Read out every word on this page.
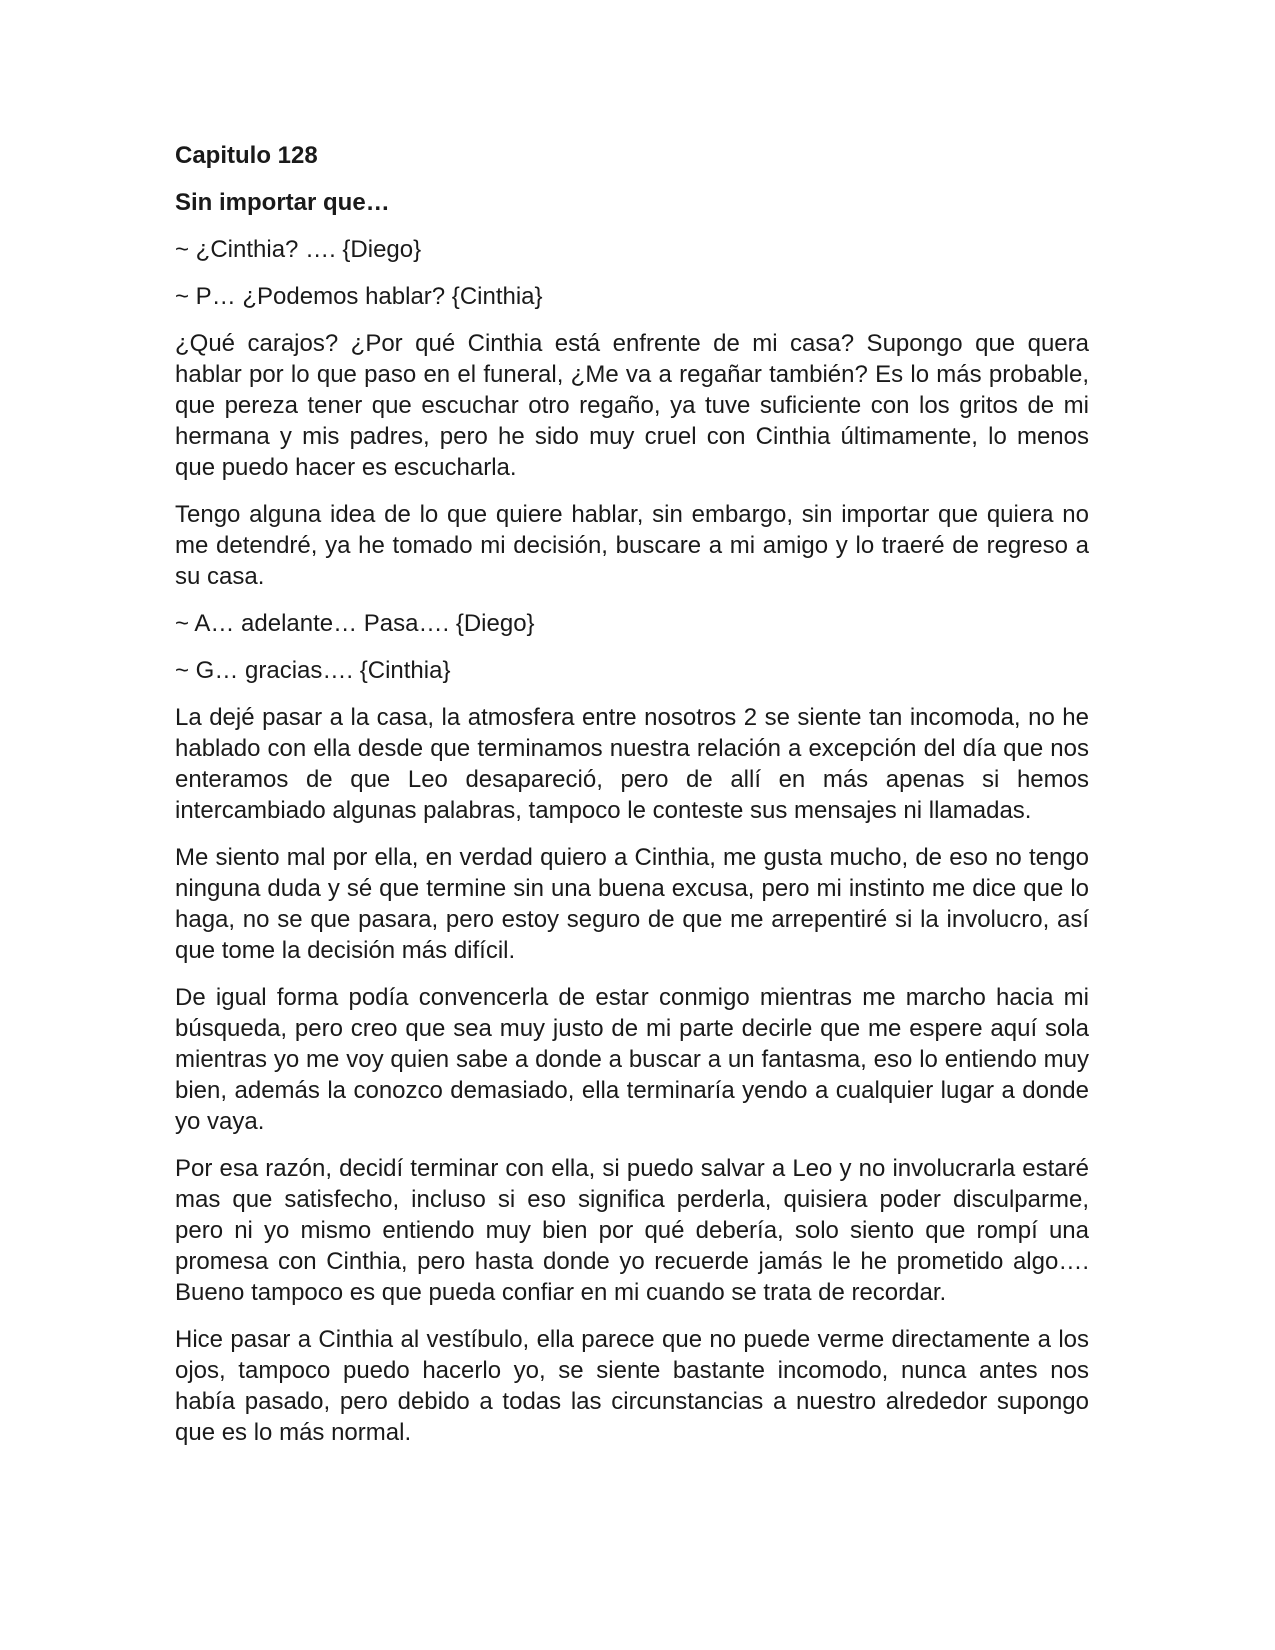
Capitulo 128
Sin importar que…
~ ¿Cinthia? …. {Diego}
~ P… ¿Podemos hablar? {Cinthia}
¿Qué carajos? ¿Por qué Cinthia está enfrente de mi casa? Supongo que quera hablar por lo que paso en el funeral, ¿Me va a regañar también? Es lo más probable, que pereza tener que escuchar otro regaño, ya tuve suficiente con los gritos de mi hermana y mis padres, pero he sido muy cruel con Cinthia últimamente, lo menos que puedo hacer es escucharla.
Tengo alguna idea de lo que quiere hablar, sin embargo, sin importar que quiera no me detendré, ya he tomado mi decisión, buscare a mi amigo y lo traeré de regreso a su casa.
~ A… adelante… Pasa…. {Diego}
~ G… gracias…. {Cinthia}
La dejé pasar a la casa, la atmosfera entre nosotros 2 se siente tan incomoda, no he hablado con ella desde que terminamos nuestra relación a excepción del día que nos enteramos de que Leo desapareció, pero de allí en más apenas si hemos intercambiado algunas palabras, tampoco le conteste sus mensajes ni llamadas.
Me siento mal por ella, en verdad quiero a Cinthia, me gusta mucho, de eso no tengo ninguna duda y sé que termine sin una buena excusa, pero mi instinto me dice que lo haga, no se que pasara, pero estoy seguro de que me arrepentiré si la involucro, así que tome la decisión más difícil.
De igual forma podía convencerla de estar conmigo mientras me marcho hacia mi búsqueda, pero creo que sea muy justo de mi parte decirle que me espere aquí sola mientras yo me voy quien sabe a donde a buscar a un fantasma, eso lo entiendo muy bien, además la conozco demasiado, ella terminaría yendo a cualquier lugar a donde yo vaya.
Por esa razón, decidí terminar con ella, si puedo salvar a Leo y no involucrarla estaré mas que satisfecho, incluso si eso significa perderla, quisiera poder disculparme, pero ni yo mismo entiendo muy bien por qué debería, solo siento que rompí una promesa con Cinthia, pero hasta donde yo recuerde jamás le he prometido algo…. Bueno tampoco es que pueda confiar en mi cuando se trata de recordar.
Hice pasar a Cinthia al vestíbulo, ella parece que no puede verme directamente a los ojos, tampoco puedo hacerlo yo, se siente bastante incomodo, nunca antes nos había pasado, pero debido a todas las circunstancias a nuestro alrededor supongo que es lo más normal.
